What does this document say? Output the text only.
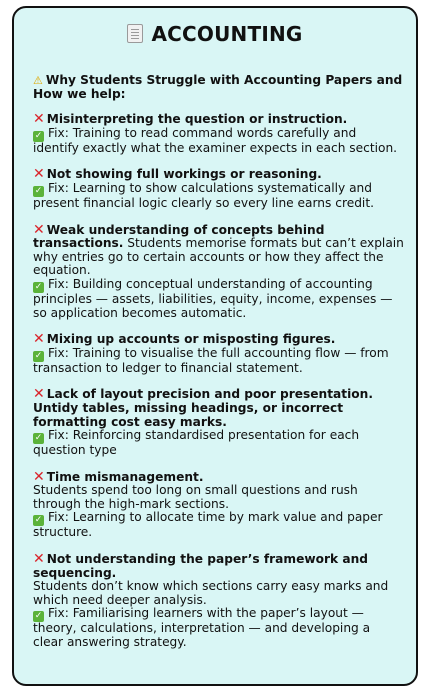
ACCOUNTING
⚠ Why Students Struggle with Accounting Papers and How we help:
✕ Misinterpreting the question or instruction.
✓ Fix: Training to read command words carefully and identify exactly what the examiner expects in each section.
✕ Not showing full workings or reasoning.
✓ Fix: Learning to show calculations systematically and present financial logic clearly so every line earns credit.
✕ Weak understanding of concepts behind transactions. Students memorise formats but can’t explain why entries go to certain accounts or how they affect the equation.
✓ Fix: Building conceptual understanding of accounting principles — assets, liabilities, equity, income, expenses — so application becomes automatic.
✕ Mixing up accounts or misposting figures.
✓ Fix: Training to visualise the full accounting flow — from transaction to ledger to financial statement.
✕ Lack of layout precision and poor presentation.
Untidy tables, missing headings, or incorrect formatting cost easy marks.
✓ Fix: Reinforcing standardised presentation for each question type
✕ Time mismanagement.
Students spend too long on small questions and rush through the high-mark sections.
✓ Fix: Learning to allocate time by mark value and paper structure.
✕ Not understanding the paper’s framework and sequencing.
Students don’t know which sections carry easy marks and which need deeper analysis.
✓ Fix: Familiarising learners with the paper’s layout — theory, calculations, interpretation — and developing a clear answering strategy.
